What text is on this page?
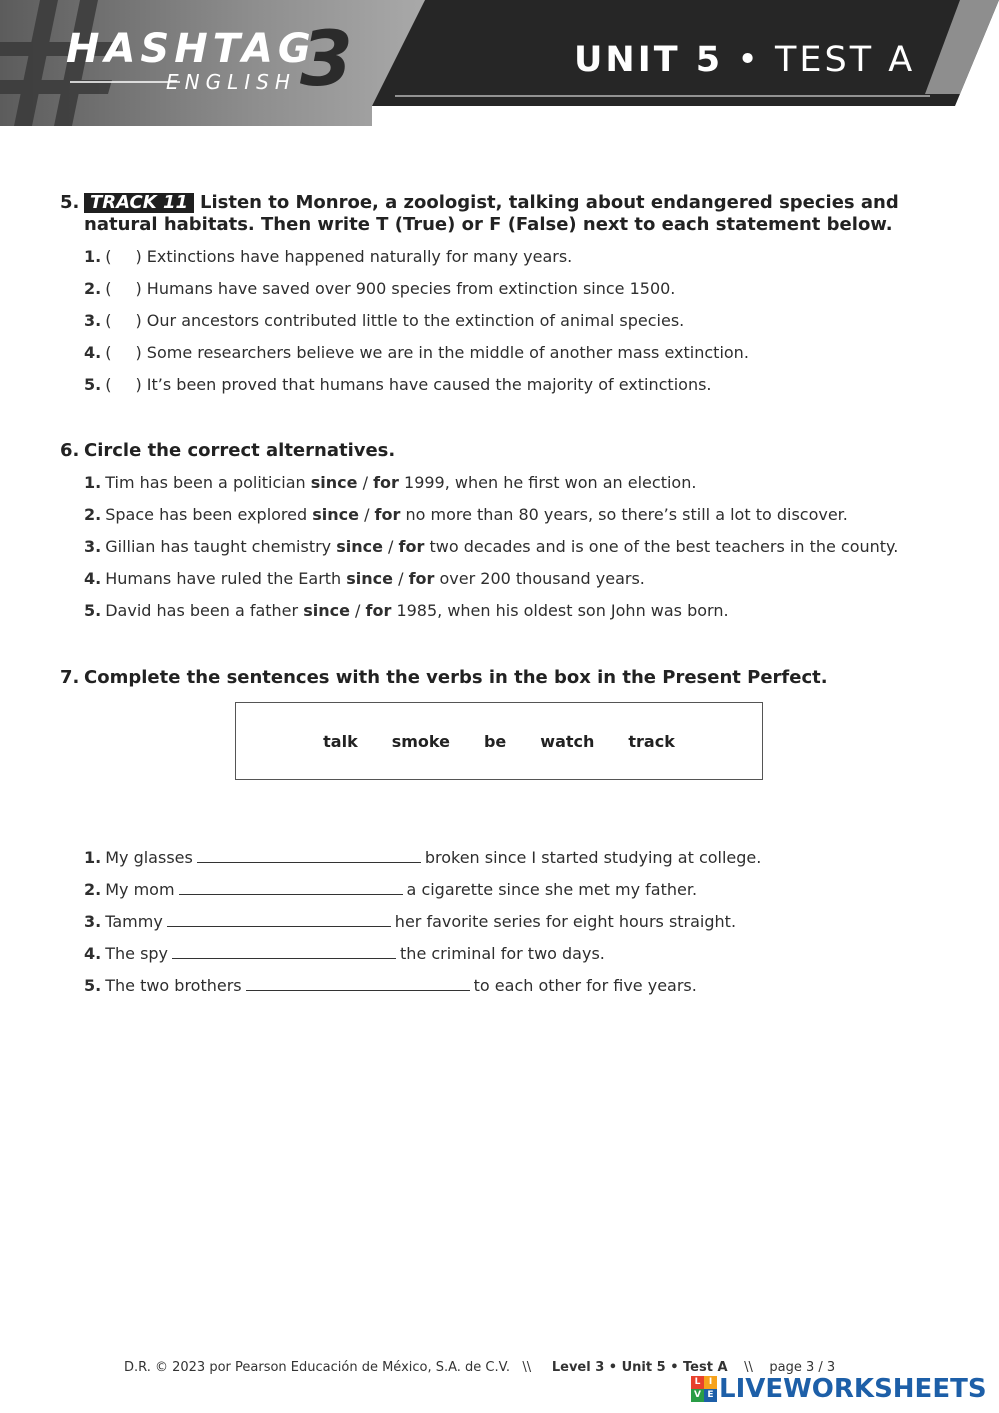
HASHTAG
ENGLISH 3	UNIT 5 • TEST A
5. TRACK 11 Listen to Monroe, a zoologist, talking about endangered species and natural habitats. Then write T (True) or F (False) next to each statement below.
1. ( ) Extinctions have happened naturally for many years.
2. ( ) Humans have saved over 900 species from extinction since 1500.
3. ( ) Our ancestors contributed little to the extinction of animal species.
4. ( ) Some researchers believe we are in the middle of another mass extinction.
5. ( ) It’s been proved that humans have caused the majority of extinctions.
6. Circle the correct alternatives.
1. Tim has been a politician since / for 1999, when he first won an election.
2. Space has been explored since / for no more than 80 years, so there’s still a lot to discover.
3. Gillian has taught chemistry since / for two decades and is one of the best teachers in the county.
4. Humans have ruled the Earth since / for over 200 thousand years.
5. David has been a father since / for 1985, when his oldest son John was born.
7. Complete the sentences with the verbs in the box in the Present Perfect.
talk smoke be watch track
1. My glasses	broken since I started studying at college.
2. My mom	a cigarette since she met my father.
3. Tammy	her favorite series for eight hours straight.
4. The spy	the criminal for two days.
5. The two brothers	to each other for five years.
D.R. © 2023 por Pearson Educación de México, S.A. de C.V. \\ Level 3 • Unit 5 • Test A \\ page 3 / 3
L I
V E LIVEWORKSHEETS
